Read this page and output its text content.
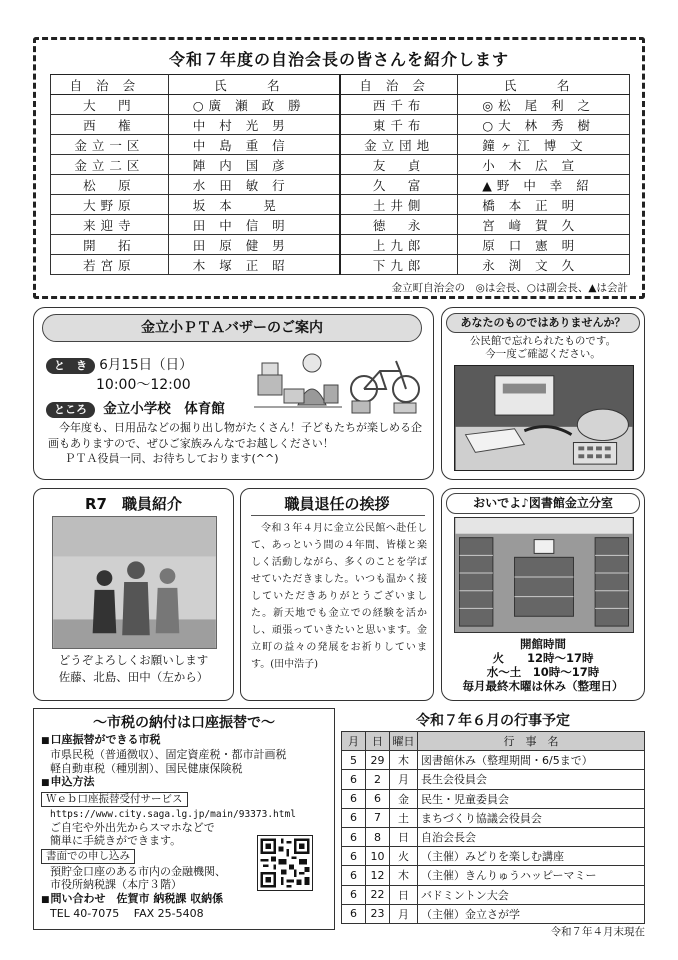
令和７年度の自治会長の皆さんを紹介します
自治会	氏　名	自治会	氏　名
大　門	○廣 瀬 政 勝	西千布	◎松 尾 利 之
西　権	中 村 光 男	東千布	○大 林 秀 樹
金立一区	中 島 重 信	金立団地	鐘ヶ江 博 文
金立二区	陣 内 国 彦	友　貞	小 木 広 宣
松　原	水 田 敏 行	久　富	▲野 中 幸 紹
大野原	坂 本　 晃	土井側	橋 本 正 明
来迎寺	田 中 信 明	徳　永	宮 﨑 賀 久
開　拓	田 原 健 男	上九郎	原 口 憲 明
若宮原	木 塚 正 昭	下九郎	永 渕 文 久
金立町自治会の　◎は会長、○は副会長、▲は会計
金立小ＰＴＡバザーのご案内
と　き 6月15日（日）
10:00～12:00
ところ 金立小学校　体育館

今年度も、日用品などの掘り出し物がたくさん！子どもたちが楽しめる企画もありますので、ぜひご家族みんなでお越しください！

ＰＴＡ役員一同、お待ちしております(^^)

あなたのものではありませんか？
公民館で忘れられたものです。
今一度ご確認ください。
R7　職員紹介
どうぞよろしくお願いします
佐藤、北島、田中（左から）
職員退任の挨拶

令和３年４月に金立公民館へ赴任して、あっという間の４年間、皆様と楽しく活動しながら、多くのことを学ばせていただきました。いつも温かく接していただきありがとうございました。新天地でも金立での経験を活かし、頑張っていきたいと思います。金立町の益々の発展をお祈りしています。(田中浩子)

おいでよ♪図書館金立分室
開館時間
火　　 12時～17時
水～土　 10時～17時
毎月最終木曜は休み（整理日）
～市税の納付は口座振替で～
■ 口座振替ができる市税
市県民税（普通徴収）、固定資産税・都市計画税
軽自動車税（種別割）、国民健康保険税
■ 申込方法
Ｗｅｂ口座振替受付サービス
https://www.city.saga.lg.jp/main/93373.html
ご自宅や外出先からスマホなどで
簡単に手続きができます。
書面での申し込み
預貯金口座のある市内の金融機関、
市役所納税課（本庁３階）
■ 問い合わせ　佐賀市 納税課 収納係
TEL 40-7075　 FAX 25-5408
令和７年６月の行事予定
月	日	曜日	行　事　名
5	29	木	図書館休み（整理期間・6/5まで）
6	2	月	長生会役員会
6	6	金	民生・児童委員会
6	7	土	まちづくり協議会役員会
6	8	日	自治会長会
6	10	火	（主催）みどりを楽しむ講座
6	12	木	（主催）きんりゅうハッピーマミー
6	22	日	バドミントン大会
6	23	月	（主催）金立さが学
令和７年４月末現在
